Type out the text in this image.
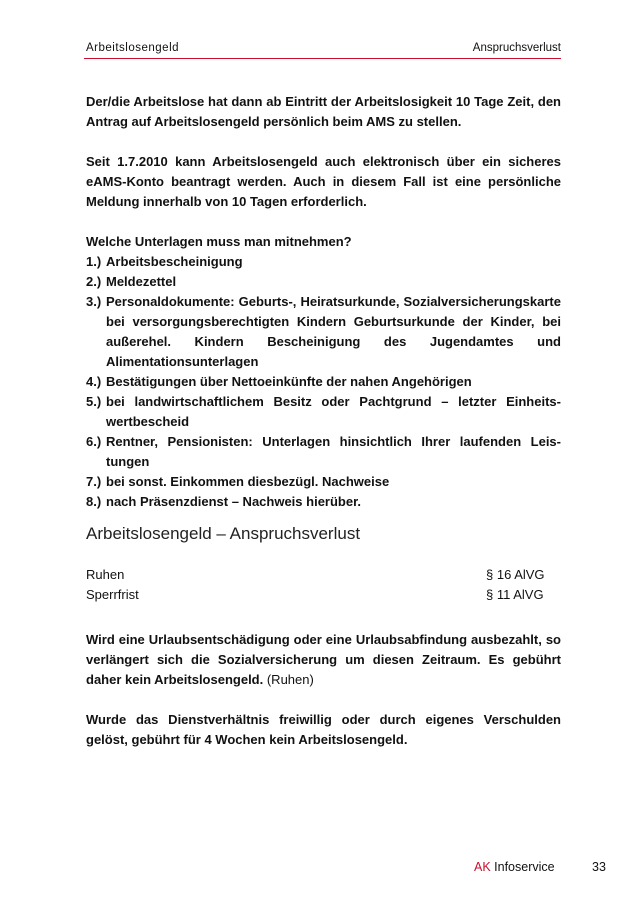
Arbeitslosengeld	Anspruchsverlust

Der/die Arbeitslose hat dann ab Eintritt der Arbeitslosigkeit 10 Tage Zeit, den Antrag auf Arbeitslosengeld persönlich beim AMS zu stellen.

Seit 1.7.2010 kann Arbeitslosengeld auch elektronisch über ein sicheres eAMS-Konto beantragt werden. Auch in diesem Fall ist eine persönliche Meldung innerhalb von 10 Tagen erforderlich.

Welche Unterlagen muss man mitnehmen?

1.) Arbeitsbescheinigung
2.) Meldezettel
3.) Personaldokumente: Geburts-, Heiratsurkunde, Sozialversicherungskarte bei versorgungsberechtigten Kindern Geburtsurkunde der Kinder, bei außerehel. Kindern Bescheinigung des Jugendamtes und Alimentationsunterlagen
4.) Bestätigungen über Nettoeinkünfte der nahen Angehörigen
5.) bei landwirtschaftlichem Besitz oder Pachtgrund – letzter Einheitswertbescheid
6.) Rentner, Pensionisten: Unterlagen hinsichtlich Ihrer laufenden Leistungen
7.) bei sonst. Einkommen diesbezügl. Nachweise
8.) nach Präsenzdienst – Nachweis hierüber.
Arbeitslosengeld – Anspruchsverlust
Ruhen	§ 16 AlVG
Sperrfrist	§ 11 AlVG

Wird eine Urlaubsentschädigung oder eine Urlaubsabfindung ausbezahlt, so verlängert sich die Sozialversicherung um diesen Zeitraum. Es gebührt daher kein Arbeitslosengeld. (Ruhen)

Wurde das Dienstverhältnis freiwillig oder durch eigenes Verschulden gelöst, gebührt für 4 Wochen kein Arbeitslosengeld.

AK Infoservice	33
